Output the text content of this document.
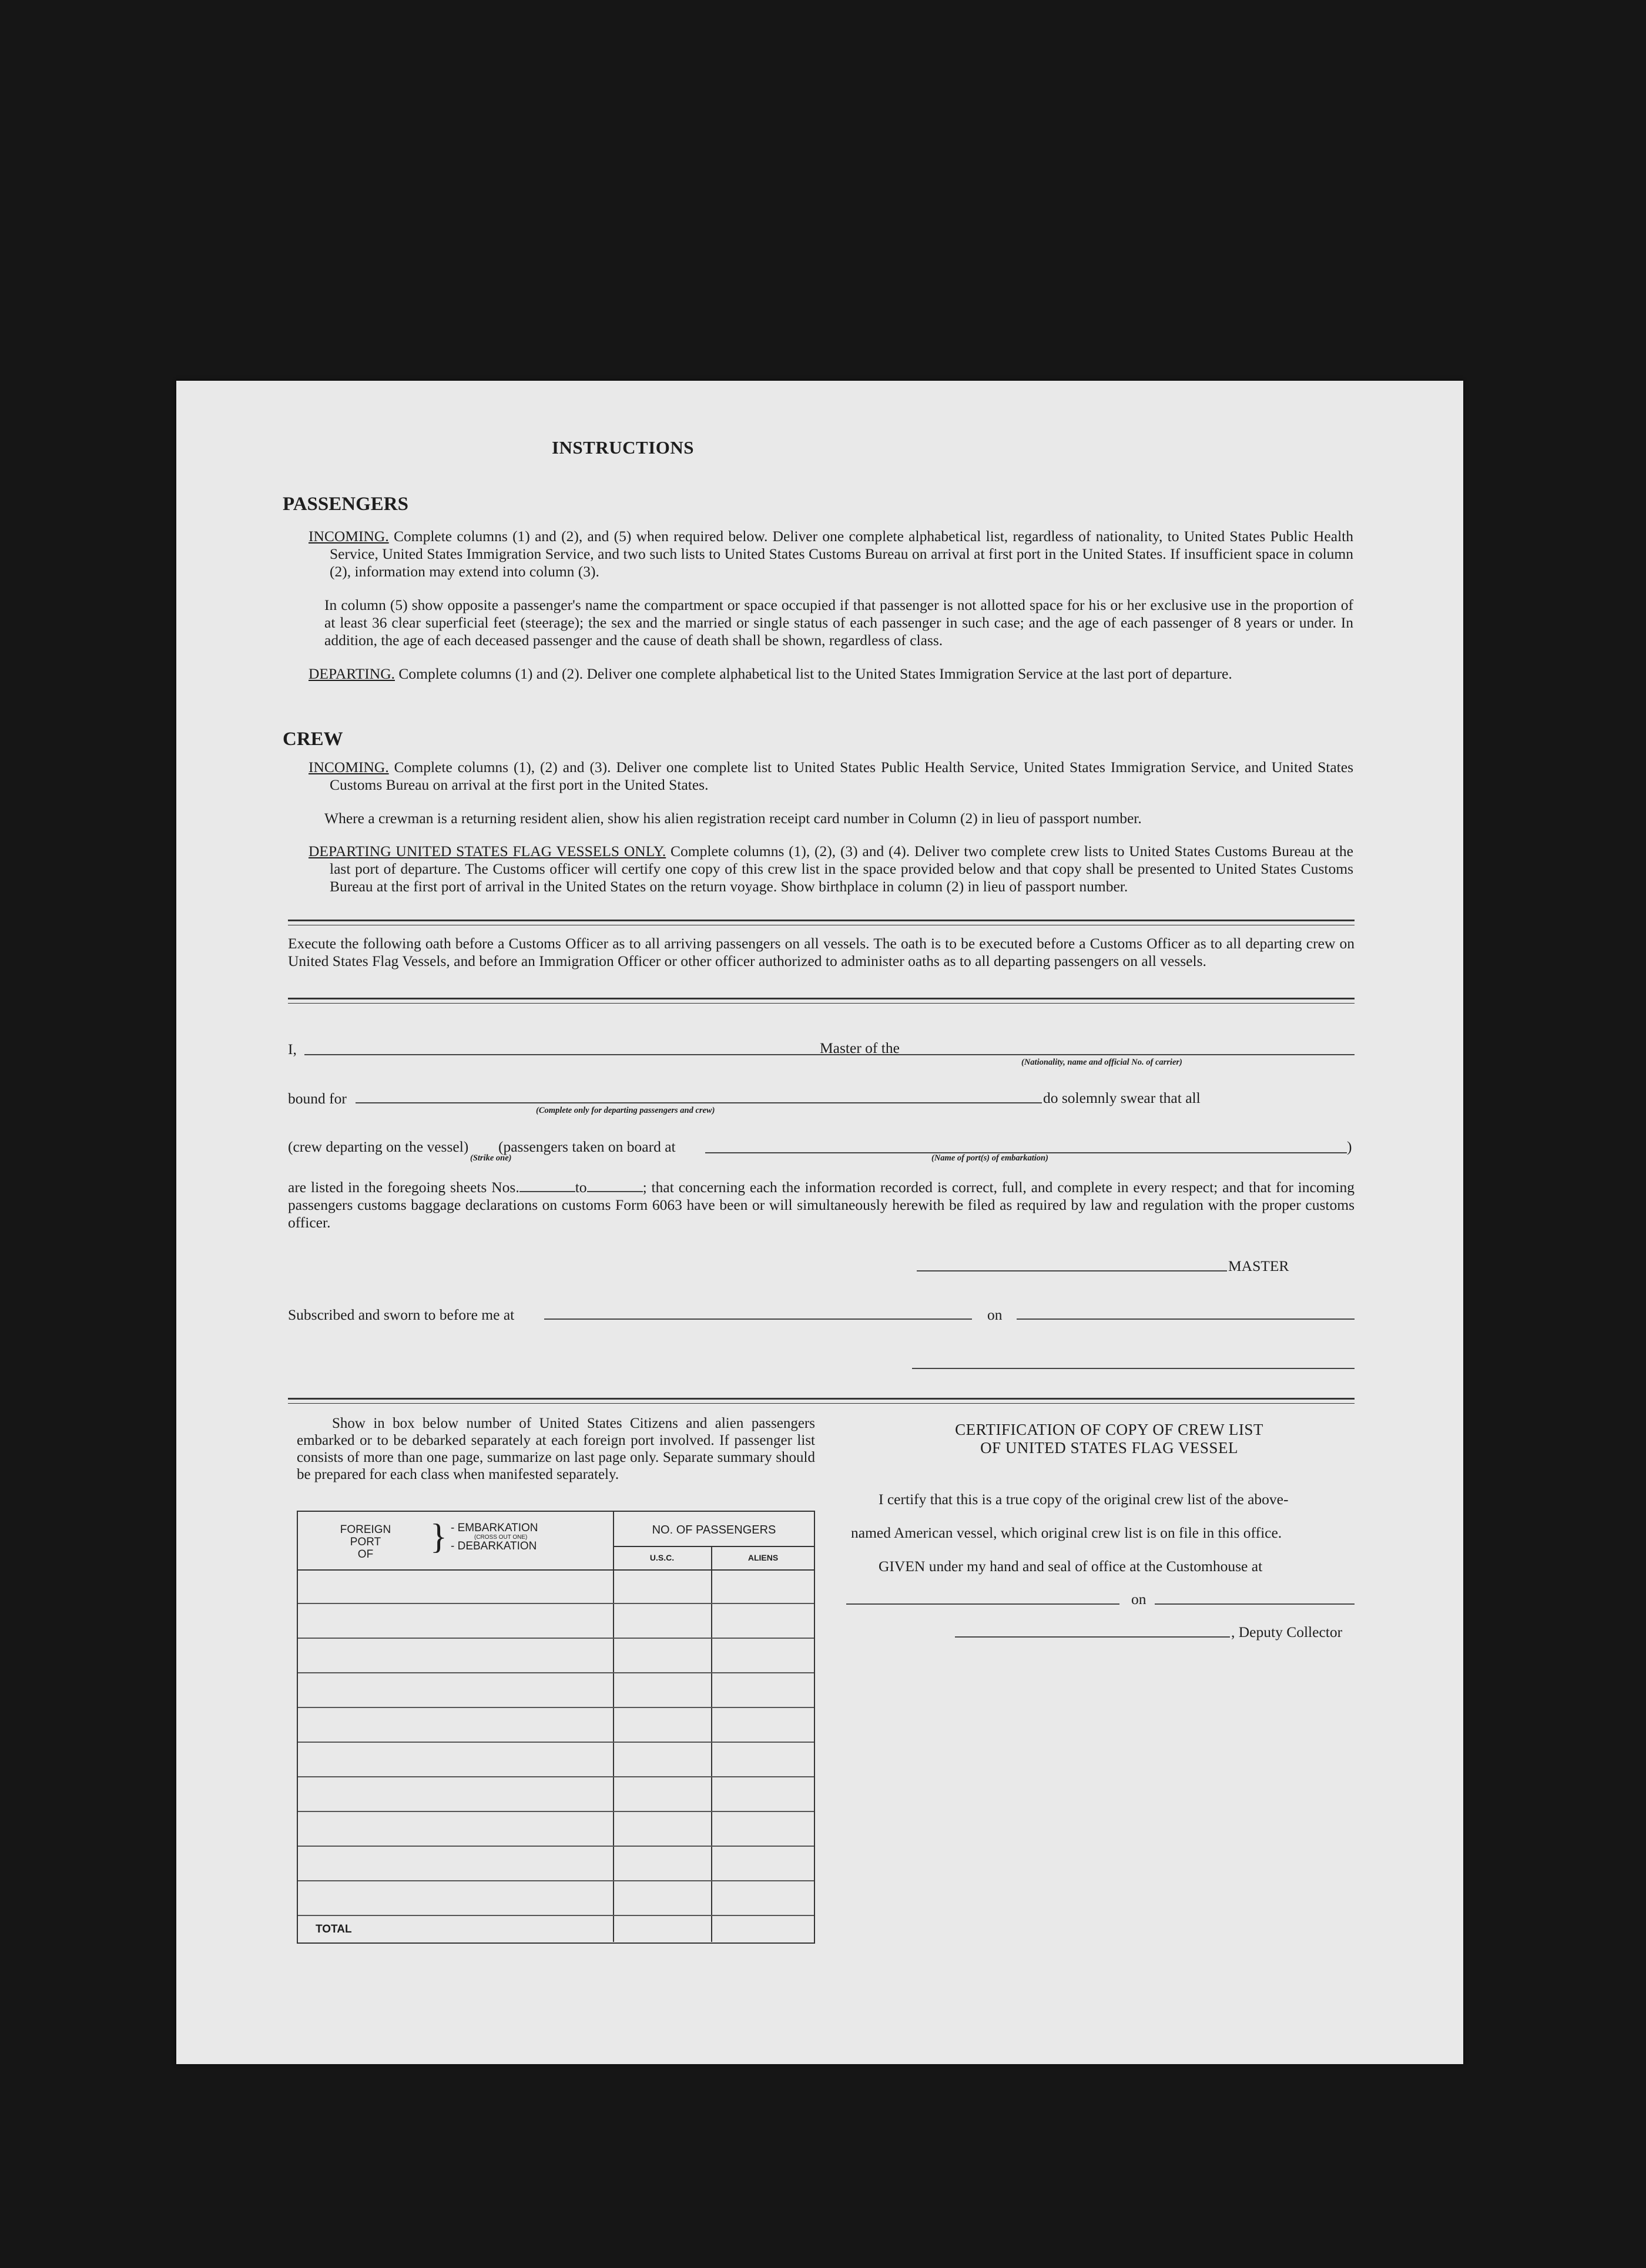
INSTRUCTIONS
PASSENGERS
INCOMING. Complete columns (1) and (2), and (5) when required below. Deliver one complete alphabetical list, regardless of nationality, to United States Public Health Service, United States Immigration Service, and two such lists to United States Customs Bureau on arrival at first port in the United States. If insufficient space in column (2), information may extend into column (3).
In column (5) show opposite a passenger's name the compartment or space occupied if that passenger is not allotted space for his or her exclusive use in the proportion of at least 36 clear superficial feet (steerage); the sex and the married or single status of each passenger in such case; and the age of each passenger of 8 years or under. In addition, the age of each deceased passenger and the cause of death shall be shown, regardless of class.
DEPARTING. Complete columns (1) and (2). Deliver one complete alphabetical list to the United States Immigration Service at the last port of departure.
CREW
INCOMING. Complete columns (1), (2) and (3). Deliver one complete list to United States Public Health Service, United States Immigration Service, and United States Customs Bureau on arrival at the first port in the United States.
Where a crewman is a returning resident alien, show his alien registration receipt card number in Column (2) in lieu of passport number.
DEPARTING UNITED STATES FLAG VESSELS ONLY. Complete columns (1), (2), (3) and (4). Deliver two complete crew lists to United States Customs Bureau at the last port of departure. The Customs officer will certify one copy of this crew list in the space provided below and that copy shall be presented to United States Customs Bureau at the first port of arrival in the United States on the return voyage. Show birthplace in column (2) in lieu of passport number.
Execute the following oath before a Customs Officer as to all arriving passengers on all vessels. The oath is to be executed before a Customs Officer as to all departing crew on United States Flag Vessels, and before an Immigration Officer or other officer authorized to administer oaths as to all departing passengers on all vessels.
I,	Master of the
(Nationality, name and official No. of carrier)
bound for
(Complete only for departing passengers and crew)
do solemnly swear that all
(crew departing on the vessel) (passengers taken on board at	)
(Strike one)	(Name of port(s) of embarkation)
are listed in the foregoing sheets Nos.	to	; that concerning each the information recorded is correct, full, and complete in every respect; and that for incoming passengers customs baggage declarations on customs Form 6063 have been or will simultaneously herewith be filed as required by law and regulation with the proper customs officer.
MASTER
Subscribed and sworn to before me at	on
Show in box below number of United States Citizens and alien passengers embarked or to be debarked separately at each foreign port involved. If passenger list consists of more than one page, summarize on last page only. Separate summary should be prepared for each class when manifested separately.
FOREIGN
PORT
OF	} - EMBARKATION
(CROSS OUT ONE)
- DEBARKATION
NO. OF PASSENGERS
U.S.C.	ALIENS
TOTAL
CERTIFICATION OF COPY OF CREW LIST
OF UNITED STATES FLAG VESSEL
I certify that this is a true copy of the original crew list of the above-
named American vessel, which original crew list is on file in this office.
GIVEN under my hand and seal of office at the Customhouse at
on
, Deputy Collector
